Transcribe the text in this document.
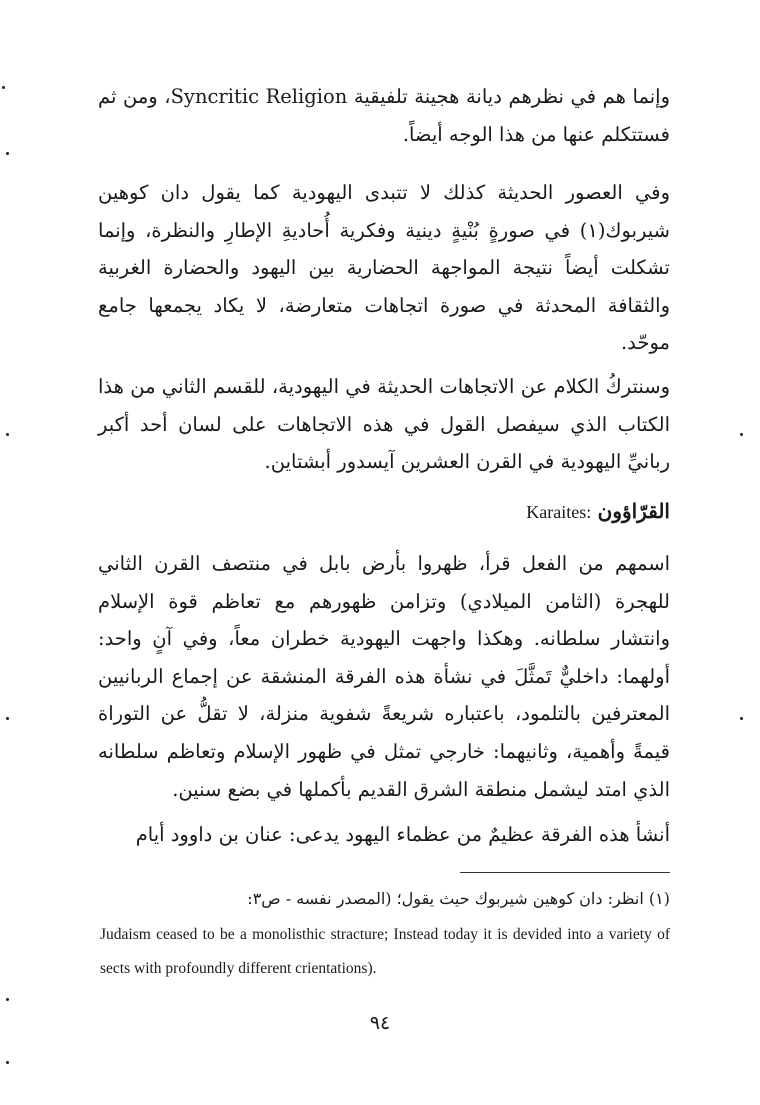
وإنما هم في نظرهم ديانة هجينة تلفيقية Syncritic Religion، ومن ثم فستتكلم عنها من هذا الوجه أيضاً.

وفي العصور الحديثة كذلك لا تتبدى اليهودية كما يقول دان كوهين شيربوك(١) في صورةٍ بُنْيةٍ دينية وفكرية أُحاديةِ الإطارِ والنظرة، وإنما تشكلت أيضاً نتيجة المواجهة الحضارية بين اليهود والحضارة الغربية والثقافة المحدثة في صورة اتجاهات متعارضة، لا يكاد يجمعها جامع موحّد.

وسنتركُ الكلام عن الاتجاهات الحديثة في اليهودية، للقسم الثاني من هذا الكتاب الذي سيفصل القول في هذه الاتجاهات على لسان أحد أكبر ربانيِّ اليهودية في القرن العشرين آيسدور أبشتاين.

القرّاؤون :Karaites

اسمهم من الفعل قرأ، ظهروا بأرض بابل في منتصف القرن الثاني للهجرة (الثامن الميلادي) وتزامن ظهورهم مع تعاظم قوة الإسلام وانتشار سلطانه. وهكذا واجهت اليهودية خطران معاً، وفي آنٍ واحد: أولهما: داخليٌّ تَمثَّلَ في نشأة هذه الفرقة المنشقة عن إجماع الربانيين المعترفين بالتلمود، باعتباره شريعةً شفوية منزلة، لا تقلُّ عن التوراة قيمةً وأهمية، وثانيهما: خارجي تمثل في ظهور الإسلام وتعاظم سلطانه الذي امتد ليشمل منطقة الشرق القديم بأكملها في بضع سنين.

أنشأ هذه الفرقة عظيمٌ من عظماء اليهود يدعى: عنان بن داوود أيام

(١) انظر: دان كوهين شيربوك حيث يقول؛ (المصدر نفسه - ص٣:

Judaism ceased to be a monolisthic stracture; Instead today it is devided into a variety of sects with profoundly different crientations).

٩٤
